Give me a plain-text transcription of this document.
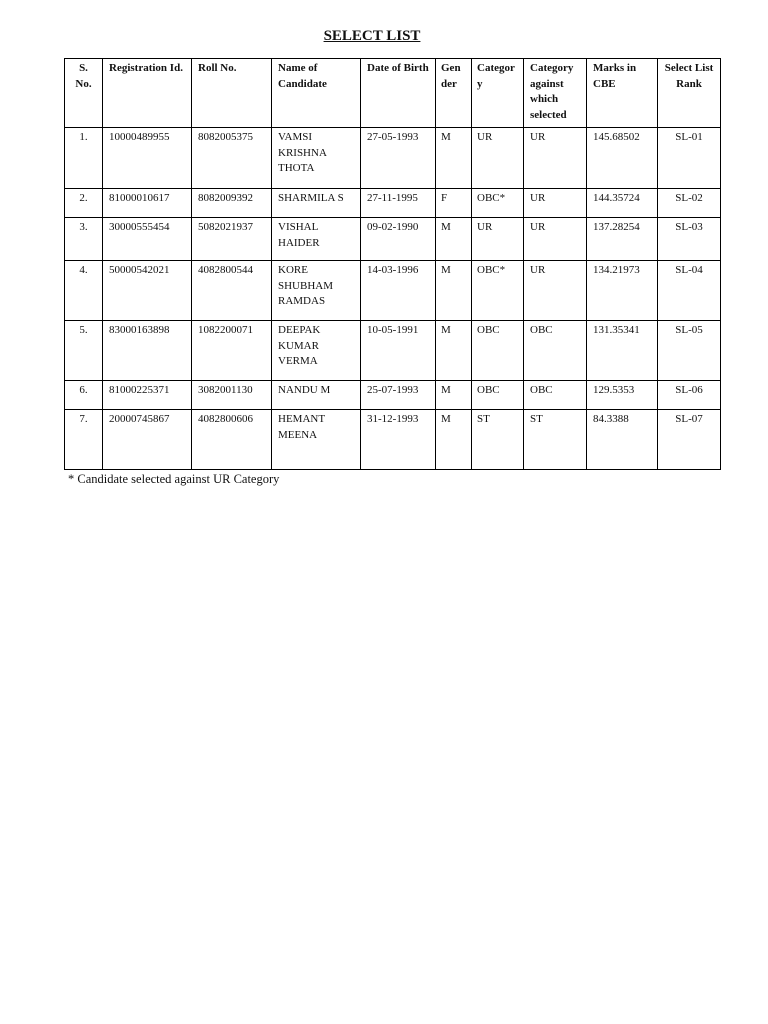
SELECT LIST
S. No.	Registration Id.	Roll No.	Name of Candidate	Date of Birth	Gen der	Categor y	Category against which selected	Marks in CBE	Select List Rank
1.	10000489955	8082005375	VAMSI KRISHNA THOTA	27-05-1993	M	UR	UR	145.68502	SL-01
2.	81000010617	8082009392	SHARMILA S	27-11-1995	F	OBC*	UR	144.35724	SL-02
3.	30000555454	5082021937	VISHAL HAIDER	09-02-1990	M	UR	UR	137.28254	SL-03
4.	50000542021	4082800544	KORE SHUBHAM RAMDAS	14-03-1996	M	OBC*	UR	134.21973	SL-04
5.	83000163898	1082200071	DEEPAK KUMAR VERMA	10-05-1991	M	OBC	OBC	131.35341	SL-05
6.	81000225371	3082001130	NANDU M	25-07-1993	M	OBC	OBC	129.5353	SL-06
7.	20000745867	4082800606	HEMANT MEENA	31-12-1993	M	ST	ST	84.3388	SL-07
* Candidate selected against UR Category
